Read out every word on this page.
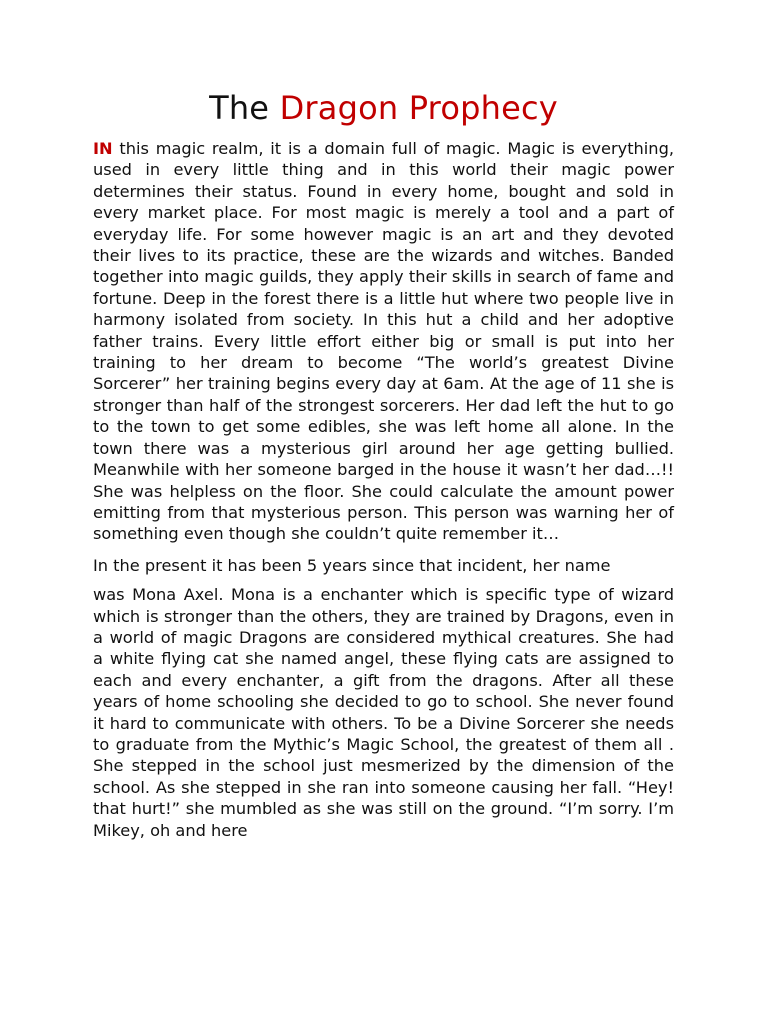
The Dragon Prophecy

IN this magic realm, it is a domain full of magic. Magic is everything, used in every little thing and in this world their magic power determines their status. Found in every home, bought and sold in every market place. For most magic is merely a tool and a part of everyday life. For some however magic is an art and they devoted their lives to its practice, these are the wizards and witches. Banded together into magic guilds, they apply their skills in search of fame and fortune. Deep in the forest there is a little hut where two people live in harmony isolated from society. In this hut a child and her adoptive father trains. Every little effort either big or small is put into her training to her dream to become “The world’s greatest Divine Sorcerer” her training begins every day at 6am. At the age of 11 she is stronger than half of the strongest sorcerers. Her dad left the hut to go to the town to get some edibles, she was left home all alone. In the town there was a mysterious girl around her age getting bullied. Meanwhile with her someone barged in the house it wasn’t her dad…!! She was helpless on the floor. She could calculate the amount power emitting from that mysterious person. This person was warning her of something even though she couldn’t quite remember it…

In the present it has been 5 years since that incident, her name

was Mona Axel. Mona is a enchanter which is specific type of wizard which is stronger than the others, they are trained by Dragons, even in a world of magic Dragons are considered mythical creatures. She had a white flying cat she named angel, these flying cats are assigned to each and every enchanter, a gift from the dragons. After all these years of home schooling she decided to go to school. She never found it hard to communicate with others. To be a Divine Sorcerer she needs to graduate from the Mythic’s Magic School, the greatest of them all . She stepped in the school just mesmerized by the dimension of the school. As she stepped in she ran into someone causing her fall. “Hey! that hurt!” she mumbled as she was still on the ground. “I’m sorry. I’m Mikey, oh and here
